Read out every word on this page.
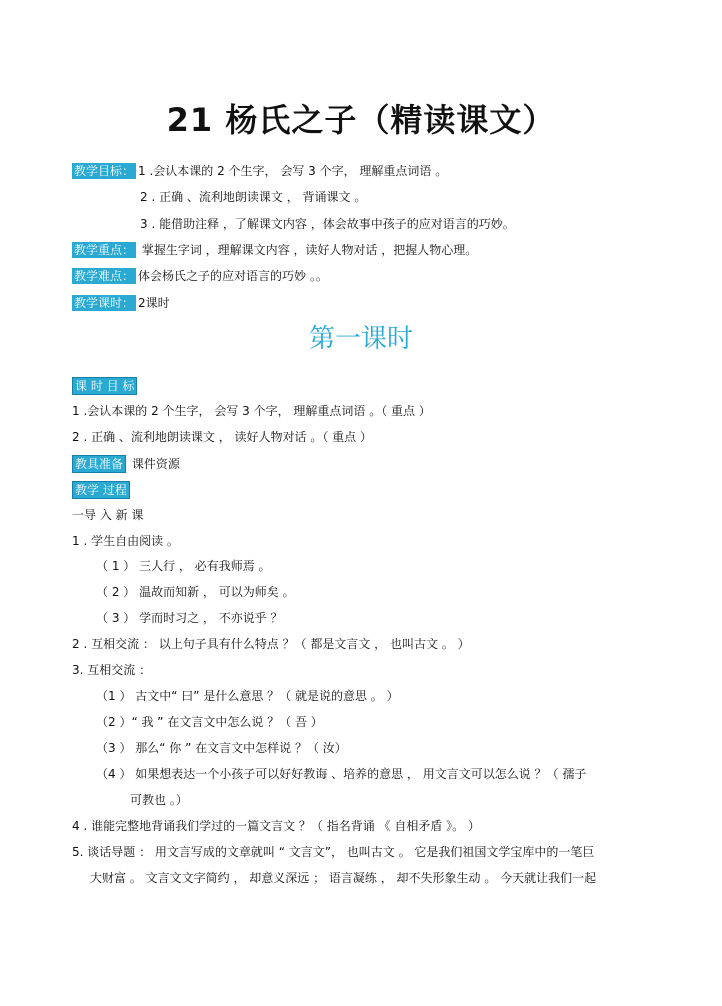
21 杨氏之子（精读课文）
教学目标： 1 .会认本课的 2 个生字， 会写 3 个字， 理解重点词语 。
2 . 正确 、流利地朗读课文 ， 背诵课文 。
3 . 能借助注释 ，了解课文内容 ，体会故事中孩子的应对语言的巧妙。
教学重点： 掌握生字词 ，理解课文内容 ，读好人物对话 ，把握人物心理。
教学难点： 体会杨氏之子的应对语言的巧妙 。。
教学课时： 2课时
第一课时
课 时 目 标
1 .会认本课的 2 个生字， 会写 3 个字， 理解重点词语 。（ 重点 ）
2 . 正确 、流利地朗读课文 ， 读好人物对话 。（ 重点 ）
教具准备 课件资源
教学 过程
一导 入 新 课
1 . 学生自由阅读 。
（ 1 ） 三人行 ， 必有我师焉 。
（ 2 ） 温故而知新 ， 可以为师矣 。
（ 3 ） 学而时习之 ， 不亦说乎 ？
2 . 互相交流 ： 以上句子具有什么特点 ？（ 都是文言文 ， 也叫古文 。 ）
3. 互相交流 ：
（1 ） 古文中“ 曰” 是什么意思 ？（ 就是说的意思 。 ）
（2 ）“ 我 ” 在文言文中怎么说 ？（ 吾 ）
（3 ） 那么“ 你 ” 在文言文中怎样说 ？（ 汝）
（4 ） 如果想表达一个小孩子可以好好教诲 、培养的意思 ， 用文言文可以怎么说 ？（ 孺子
可教也 。）
4 . 谁能完整地背诵我们学过的一篇文言文 ？（ 指名背诵 《 自相矛盾 》。 ）
5. 谈话导题 ： 用文言写成的文章就叫 “ 文言文”， 也叫古文 。 它是我们祖国文学宝库中的一笔巨
大财富 。 文言文文字简约 ， 却意义深远 ； 语言凝练 ， 却不失形象生动 。 今天就让我们一起
